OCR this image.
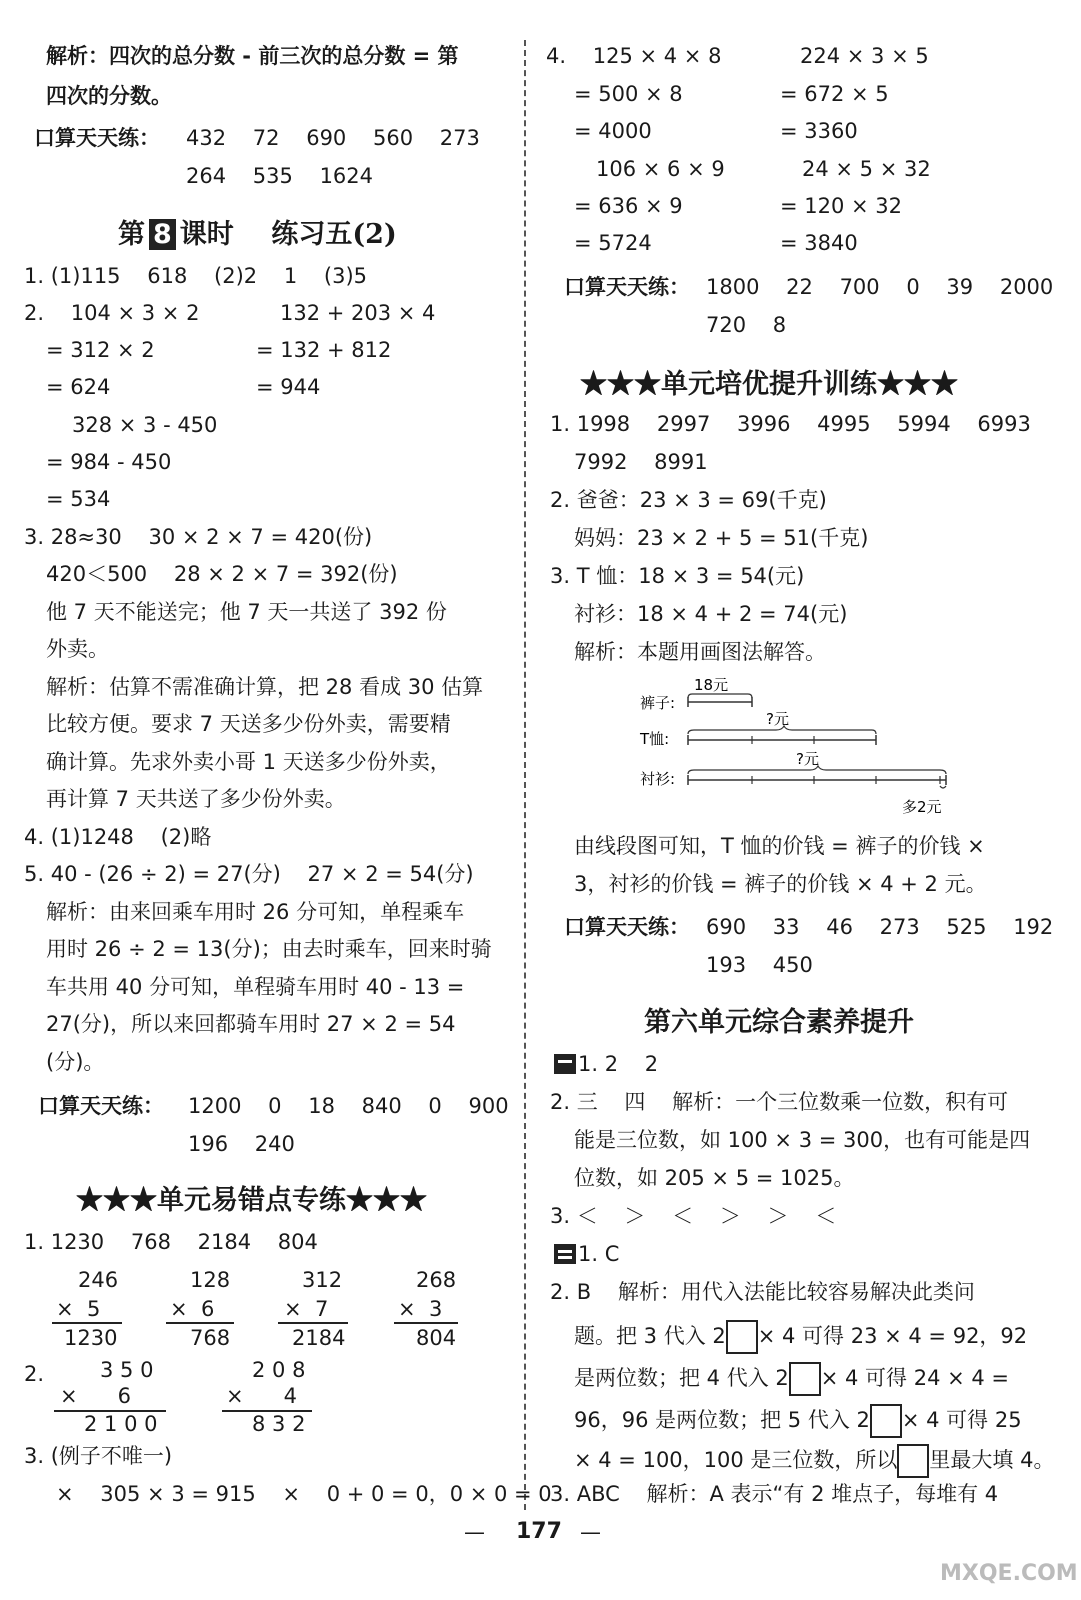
解析：四次的总分数 - 前三次的总分数 = 第
四次的分数。
口算天天练： 432    72    690    560    273
264    535    1624
第 8 课时    练习五(2)
1. (1)115    618    (2)2    1    (3)5
2.    104 × 3 × 2	132 + 203 × 4
= 312 × 2	= 132 + 812
= 624	= 944
328 × 3 - 450
= 984 - 450
= 534
3. 28≈30    30 × 2 × 7 = 420(份)
420＜500    28 × 2 × 7 = 392(份)
他 7 天不能送完；他 7 天一共送了 392 份
外卖。
解析：估算不需准确计算，把 28 看成 30 估算
比较方便。要求 7 天送多少份外卖，需要精
确计算。先求外卖小哥 1 天送多少份外卖，
再计算 7 天共送了多少份外卖。
4. (1)1248    (2)略
5. 40 - (26 ÷ 2) = 27(分)    27 × 2 = 54(分)
解析：由来回乘车用时 26 分可知，单程乘车
用时 26 ÷ 2 = 13(分)；由去时乘车，回来时骑
车共用 40 分可知，单程骑车用时 40 - 13 =
27(分)，所以来回都骑车用时 27 × 2 = 54
(分)。
口算天天练： 1200    0    18    840    0    900
196    240
★★★单元易错点专练★★★
1. 1230    768    2184    804
246
×  5
1230
128
×  6
768
312
×  7
2184
268
×  3
804
2.	3 5 0
×      6
2 1 0 0
2 0 8
×      4
8 3 2
3. (例子不唯一)
×    305 × 3 = 915    ×    0 + 0 = 0，0 × 0 = 0
4.    125 × 4 × 8	224 × 3 × 5
= 500 × 8	= 672 × 5
= 4000	= 3360
106 × 6 × 9	24 × 5 × 32
= 636 × 9	= 120 × 32
= 5724	= 3840
口算天天练： 1800    22    700    0    39    2000
720    8
★★★单元培优提升训练★★★
1. 1998    2997    3996    4995    5994    6993
7992    8991
2. 爸爸：23 × 3 = 69(千克)
妈妈：23 × 2 + 5 = 51(千克)
3. T 恤：18 × 3 = 54(元)
衬衫：18 × 4 + 2 = 74(元)
解析：本题用画图法解答。
裤子:
18元
T恤:
?元
衬衫:
?元
多2元
由线段图可知，T 恤的价钱 = 裤子的价钱 ×
3，衬衫的价钱 = 裤子的价钱 × 4 + 2 元。
口算天天练： 690    33    46    273    525    192
193    450
第六单元综合素养提升
1. 2    2
2. 三    四    解析：一个三位数乘一位数，积有可
能是三位数，如 100 × 3 = 300，也有可能是四
位数，如 205 × 5 = 1025。
3. ＜    ＞    ＜    ＞    ＞    ＜
1. C
2. B    解析：用代入法能比较容易解决此类问
题。把 3 代入 2 × 4 可得 23 × 4 = 92，92
是两位数；把 4 代入 2 × 4 可得 24 × 4 =
96，96 是两位数；把 5 代入 2 × 4 可得 25
× 4 = 100，100 是三位数，所以 里最大填 4。
3. ABC    解析：A 表示“有 2 堆点子，每堆有 4
— 177 —
MXQE.COM
